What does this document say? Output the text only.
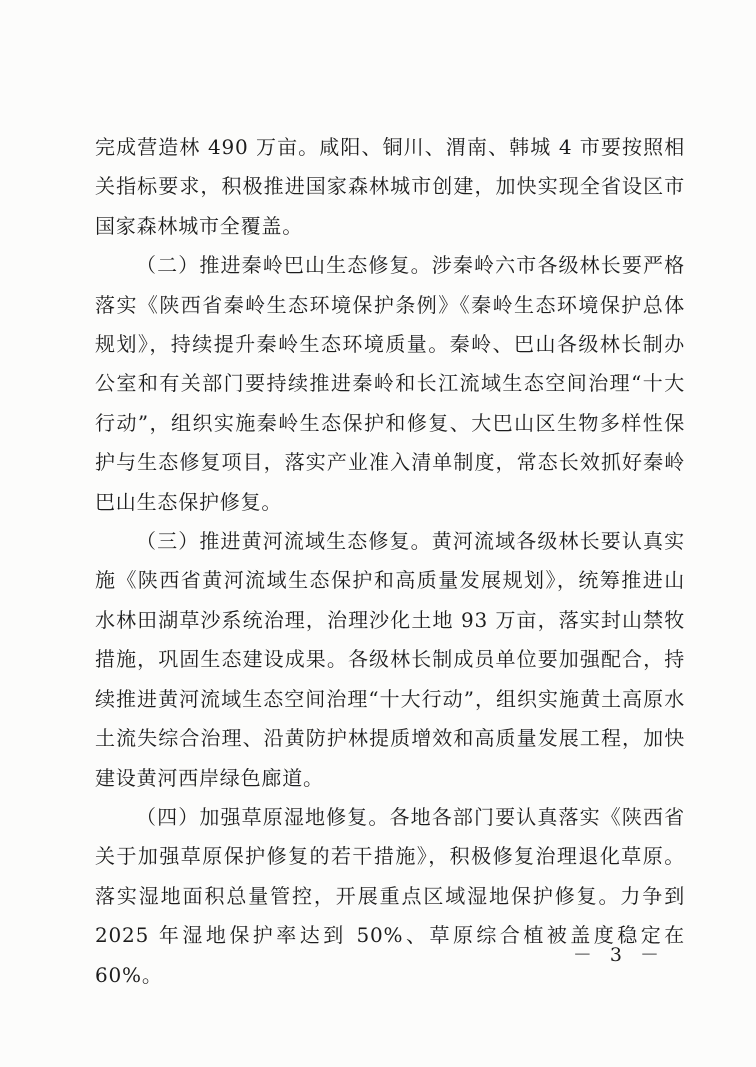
完成营造林 490 万亩。咸阳、铜川、渭南、韩城 4 市要按照相关指标要求，积极推进国家森林城市创建，加快实现全省设区市国家森林城市全覆盖。

（二）推进秦岭巴山生态修复。涉秦岭六市各级林长要严格落实《陕西省秦岭生态环境保护条例》《秦岭生态环境保护总体规划》，持续提升秦岭生态环境质量。秦岭、巴山各级林长制办公室和有关部门要持续推进秦岭和长江流域生态空间治理“十大行动”，组织实施秦岭生态保护和修复、大巴山区生物多样性保护与生态修复项目，落实产业准入清单制度，常态长效抓好秦岭巴山生态保护修复。

（三）推进黄河流域生态修复。黄河流域各级林长要认真实施《陕西省黄河流域生态保护和高质量发展规划》，统筹推进山水林田湖草沙系统治理，治理沙化土地 93 万亩，落实封山禁牧措施，巩固生态建设成果。各级林长制成员单位要加强配合，持续推进黄河流域生态空间治理“十大行动”，组织实施黄土高原水土流失综合治理、沿黄防护林提质增效和高质量发展工程，加快建设黄河西岸绿色廊道。

（四）加强草原湿地修复。各地各部门要认真落实《陕西省关于加强草原保护修复的若干措施》，积极修复治理退化草原。落实湿地面积总量管控，开展重点区域湿地保护修复。力争到 2025 年湿地保护率达到 50%、草原综合植被盖度稳定在 60%。

－ 3 －
